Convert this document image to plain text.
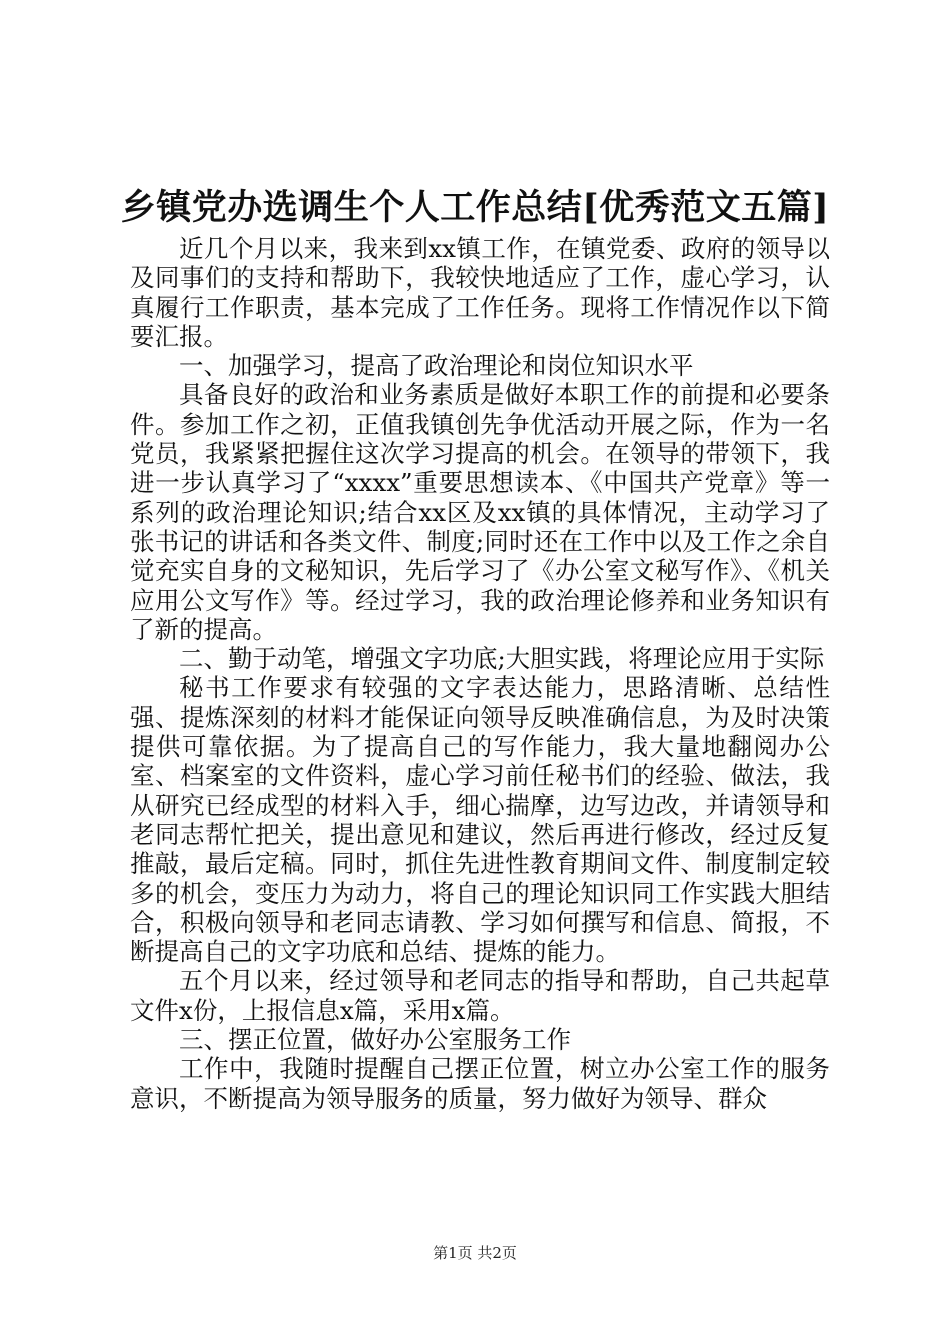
乡镇党办选调生个人工作总结[优秀范文五篇]

近几个月以来，我来到xx镇工作，在镇党委、政府的领导以及同事们的支持和帮助下，我较快地适应了工作，虚心学习，认真履行工作职责，基本完成了工作任务。现将工作情况作以下简要汇报。

一、加强学习，提高了政治理论和岗位知识水平

具备良好的政治和业务素质是做好本职工作的前提和必要条件。参加工作之初，正值我镇创先争优活动开展之际，作为一名党员，我紧紧把握住这次学习提高的机会。在领导的带领下，我进一步认真学习了“xxxx”重要思想读本、《中国共产党章》等一系列的政治理论知识;结合xx区及xx镇的具体情况，主动学习了张书记的讲话和各类文件、制度;同时还在工作中以及工作之余自觉充实自身的文秘知识，先后学习了《办公室文秘写作》、《机关应用公文写作》等。经过学习，我的政治理论修养和业务知识有了新的提高。

二、勤于动笔，增强文字功底;大胆实践，将理论应用于实际

秘书工作要求有较强的文字表达能力，思路清晰、总结性强、提炼深刻的材料才能保证向领导反映准确信息，为及时决策提供可靠依据。为了提高自己的写作能力，我大量地翻阅办公室、档案室的文件资料，虚心学习前任秘书们的经验、做法，我从研究已经成型的材料入手，细心揣摩，边写边改，并请领导和老同志帮忙把关，提出意见和建议，然后再进行修改，经过反复推敲，最后定稿。同时，抓住先进性教育期间文件、制度制定较多的机会，变压力为动力，将自己的理论知识同工作实践大胆结合，积极向领导和老同志请教、学习如何撰写和信息、简报，不断提高自己的文字功底和总结、提炼的能力。

五个月以来，经过领导和老同志的指导和帮助，自己共起草文件x份，上报信息x篇，采用x篇。

三、摆正位置，做好办公室服务工作

工作中，我随时提醒自己摆正位置，树立办公室工作的服务意识，不断提高为领导服务的质量，努力做好为领导、群众

第1页 共2页
